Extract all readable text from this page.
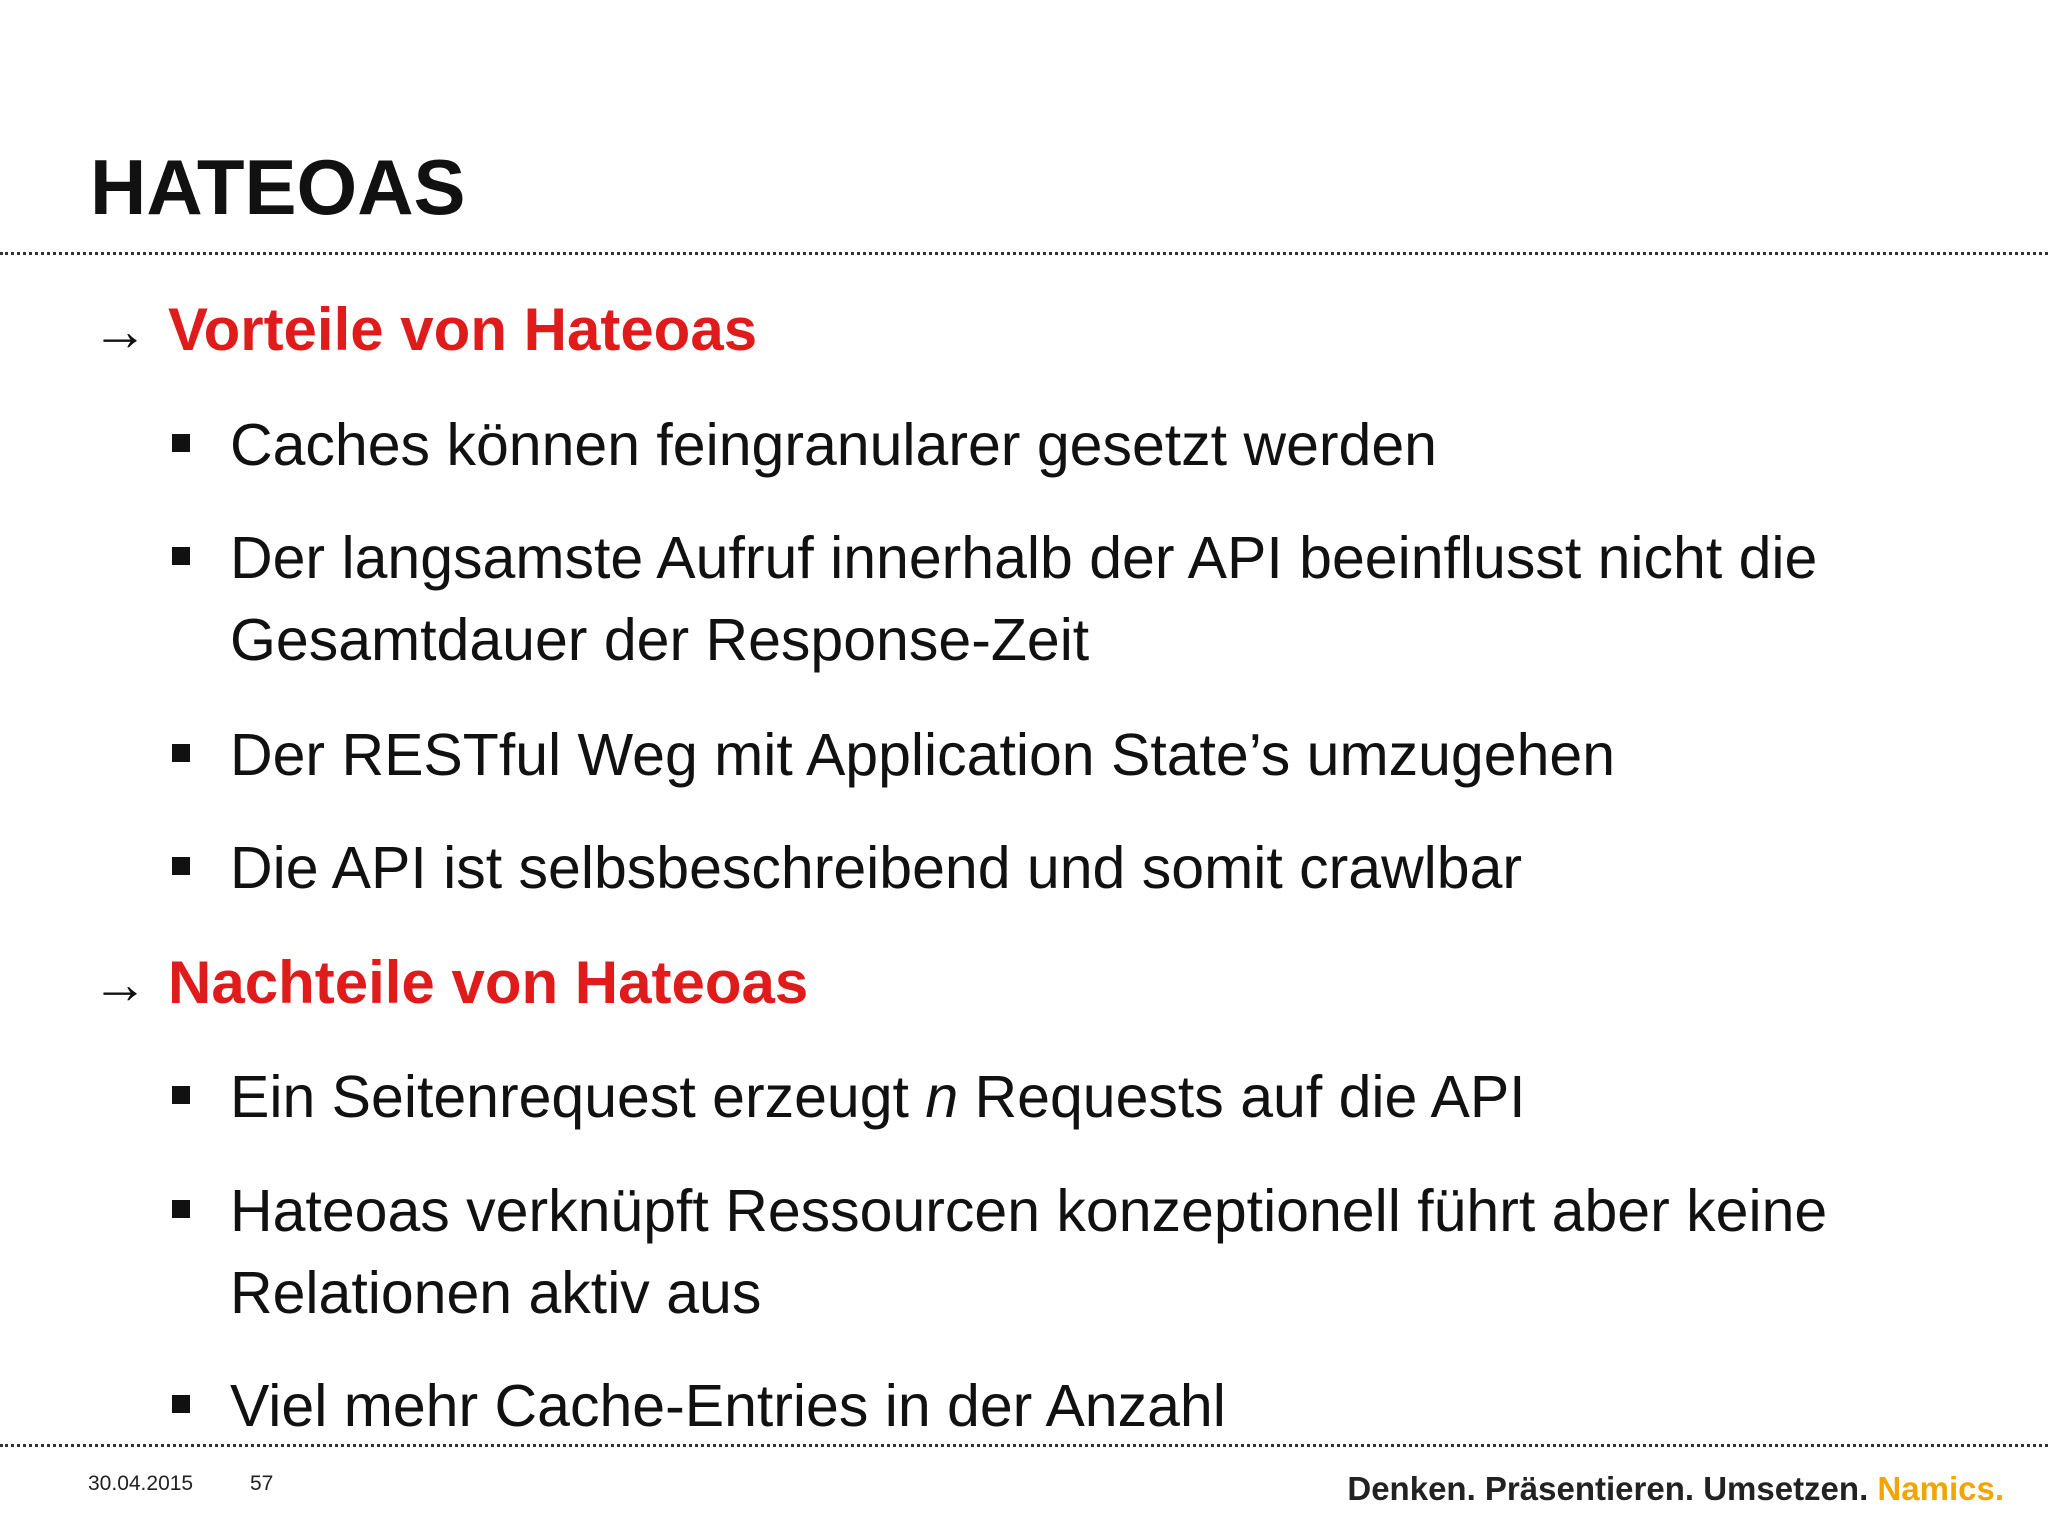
HATEOAS
→ Vorteile von Hateoas
Caches können feingranularer gesetzt werden
Der langsamste Aufruf innerhalb der API beeinflusst nicht die Gesamtdauer der Response-Zeit
Der RESTful Weg mit Application State’s umzugehen
Die API ist selbsbeschreibend und somit crawlbar
→ Nachteile von Hateoas
Ein Seitenrequest erzeugt n Requests auf die API
Hateoas verknüpft Ressourcen konzeptionell führt aber keine Relationen aktiv aus
Viel mehr Cache-Entries in der Anzahl
30.04.2015	57	Denken. Präsentieren. Umsetzen. Namics.
